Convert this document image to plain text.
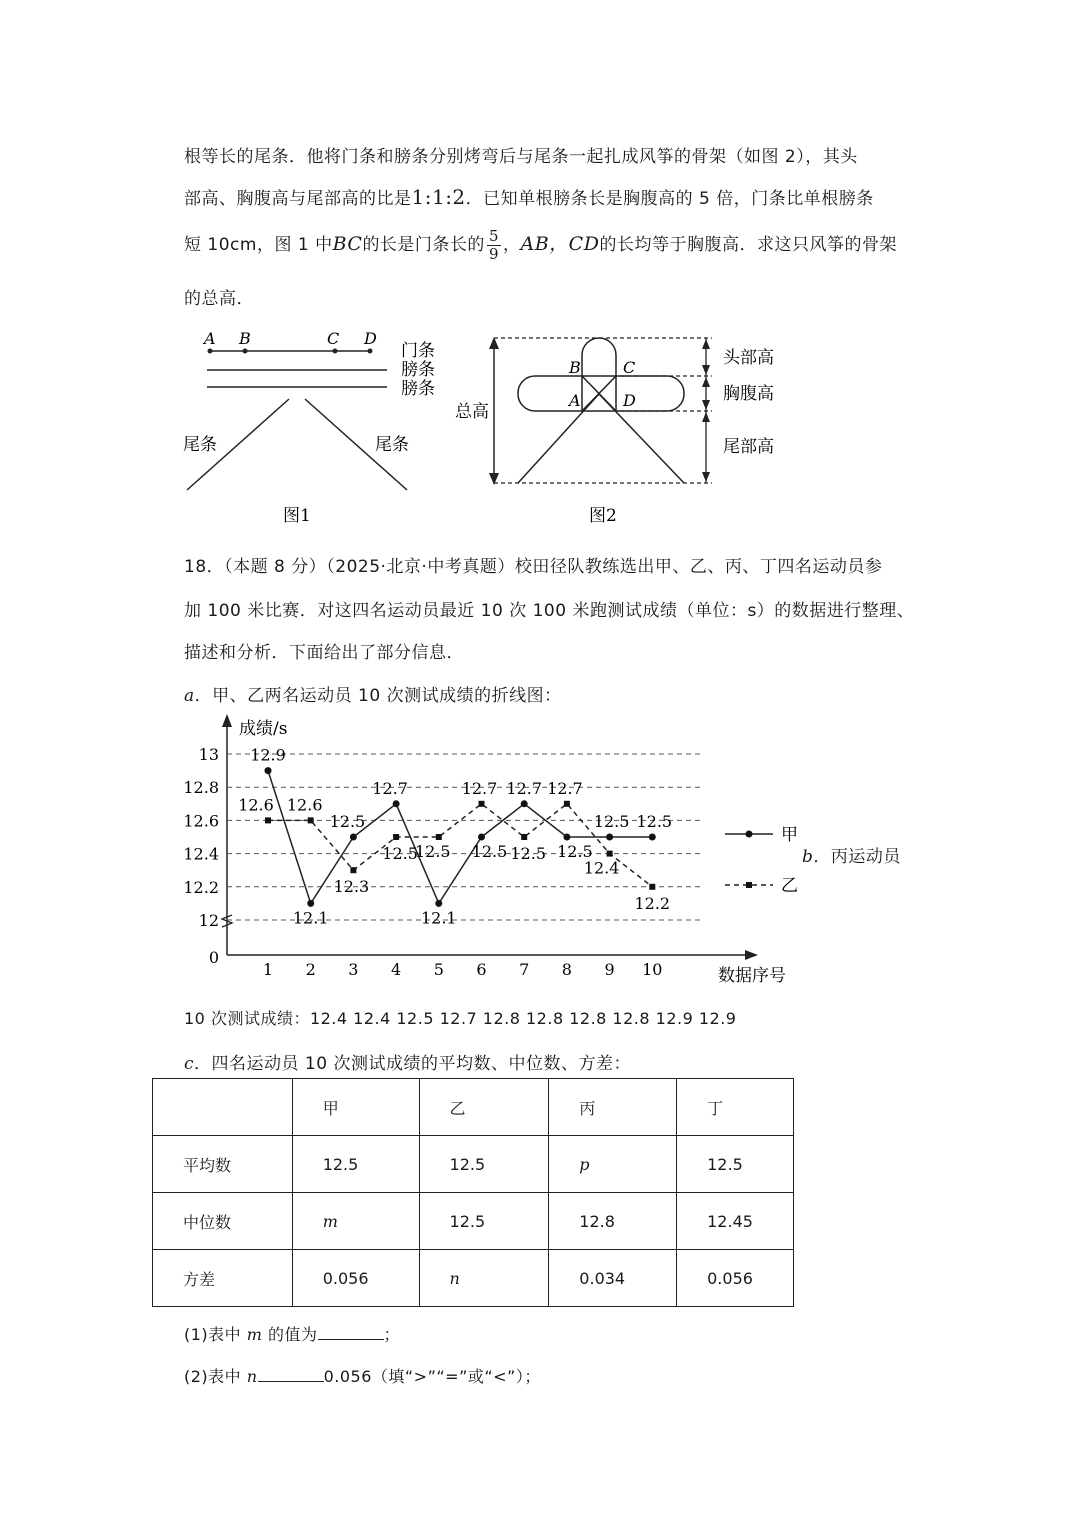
根等长的尾条．他将门条和膀条分别烤弯后与尾条一起扎成风筝的骨架（如图 2），其头
部高、胸腹高与尾部高的比是1:1:2．已知单根膀条长是胸腹高的 5 倍，门条比单根膀条
短 10cm，图 1 中BC的长是门条长的 $\frac{5}{9}$ ，AB，CD的长均等于胸腹高．求这只风筝的骨架
的总高．
A B	C D
门条
膀条
膀条
尾条	尾条
图1
总高
B	C
A	D
头部高
胸腹高
尾部高
图2
18．（本题 8 分）（2025·北京·中考真题）校田径队教练选出甲、乙、丙、丁四名运动员参
加 100 米比赛．对这四名运动员最近 10 次 100 米跑测试成绩（单位：s）的数据进行整理、
描述和分析．下面给出了部分信息．
a．甲、乙两名运动员 10 次测试成绩的折线图：
13
12.8
12.6
12.4
12.2
12
0
成绩/s
1 2 3 4 5 6 7 8 9 10	数据序号
甲
乙
12.9
12.1
12.5
12.7
12.1
12.5
12.7
12.5
12.5 12.5
12.6 12.6
12.3
12.5
12.5
12.7
12.5
12.7
12.4
12.2
b．丙运动员
10 次测试成绩：12.4 12.4 12.5 12.7 12.8 12.8 12.8 12.8 12.9 12.9
c．四名运动员 10 次测试成绩的平均数、中位数、方差：
	甲	乙	丙	丁
平均数	12.5	12.5	p	12.5
中位数	m	12.5	12.8	12.45
方差	0.056	n	0.034	0.056
(1)表中 m 的值为	；
(2)表中 n	0.056（填“>”“=”或“<”）；
